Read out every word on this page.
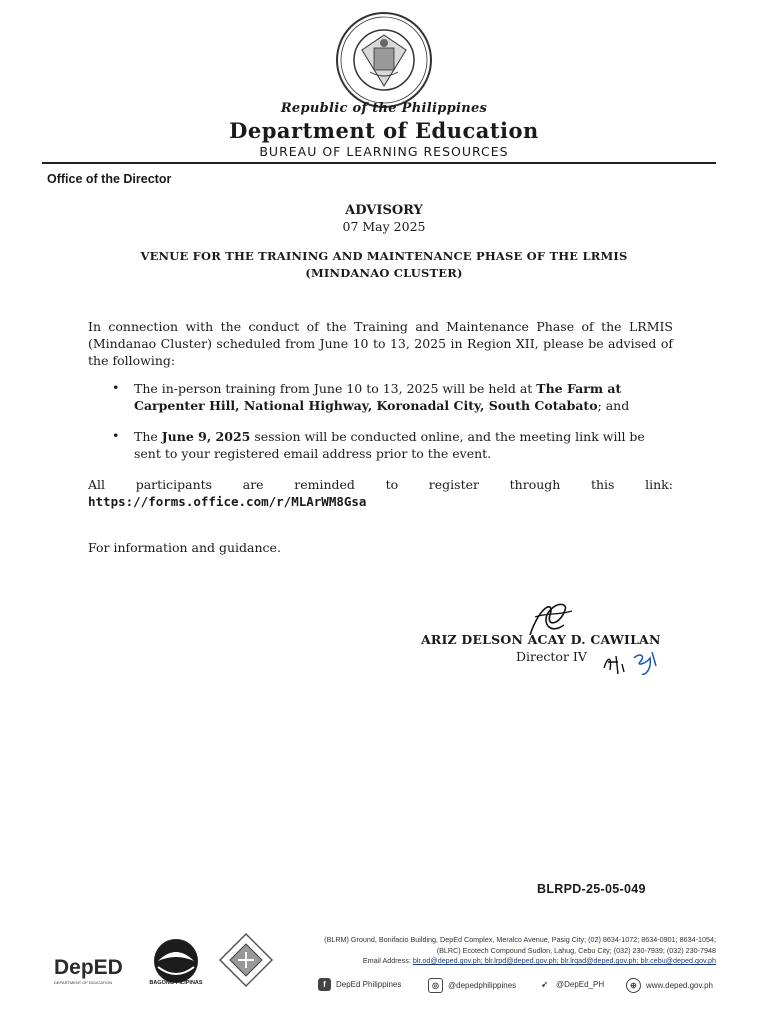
Republic of the Philippines
Department of Education
BUREAU OF LEARNING RESOURCES
Office of the Director
ADVISORY
07 May 2025
VENUE FOR THE TRAINING AND MAINTENANCE PHASE OF THE LRMIS
(MINDANAO CLUSTER)
In connection with the conduct of the Training and Maintenance Phase of the LRMIS (Mindanao Cluster) scheduled from June 10 to 13, 2025 in Region XII, please be advised of the following:
• The in-person training from June 10 to 13, 2025 will be held at The Farm at Carpenter Hill, National Highway, Koronadal City, South Cotabato; and
• The June 9, 2025 session will be conducted online, and the meeting link will be sent to your registered email address prior to the event.
All participants are reminded to register through this link:
https://forms.office.com/r/MLArWM8Gsa
For information and guidance.
ARIZ DELSON ACAY D. CAWILAN
Director IV
BLRPD-25-05-049
DepED
DEPARTMENT OF EDUCATION	BAGONG PILIPINAS
(BLRM) Ground, Bonifacio Building, DepEd Complex, Meralco Avenue, Pasig City; (02) 8634-1072; 8634-0901; 8634-1054;
(BLRC) Ecotech Compound Sudlon, Lahug, Cebu City; (032) 230-7939; (032) 230-7948
Email Address: blr.od@deped.gov.ph; blr.lrpd@deped.gov.ph; blr.lrqad@deped.gov.ph; blr.cebu@deped.gov.ph
f	DepEd Philippines	◎	@depedphilippines	➶	@DepEd_PH	⊕	www.deped.gov.ph
